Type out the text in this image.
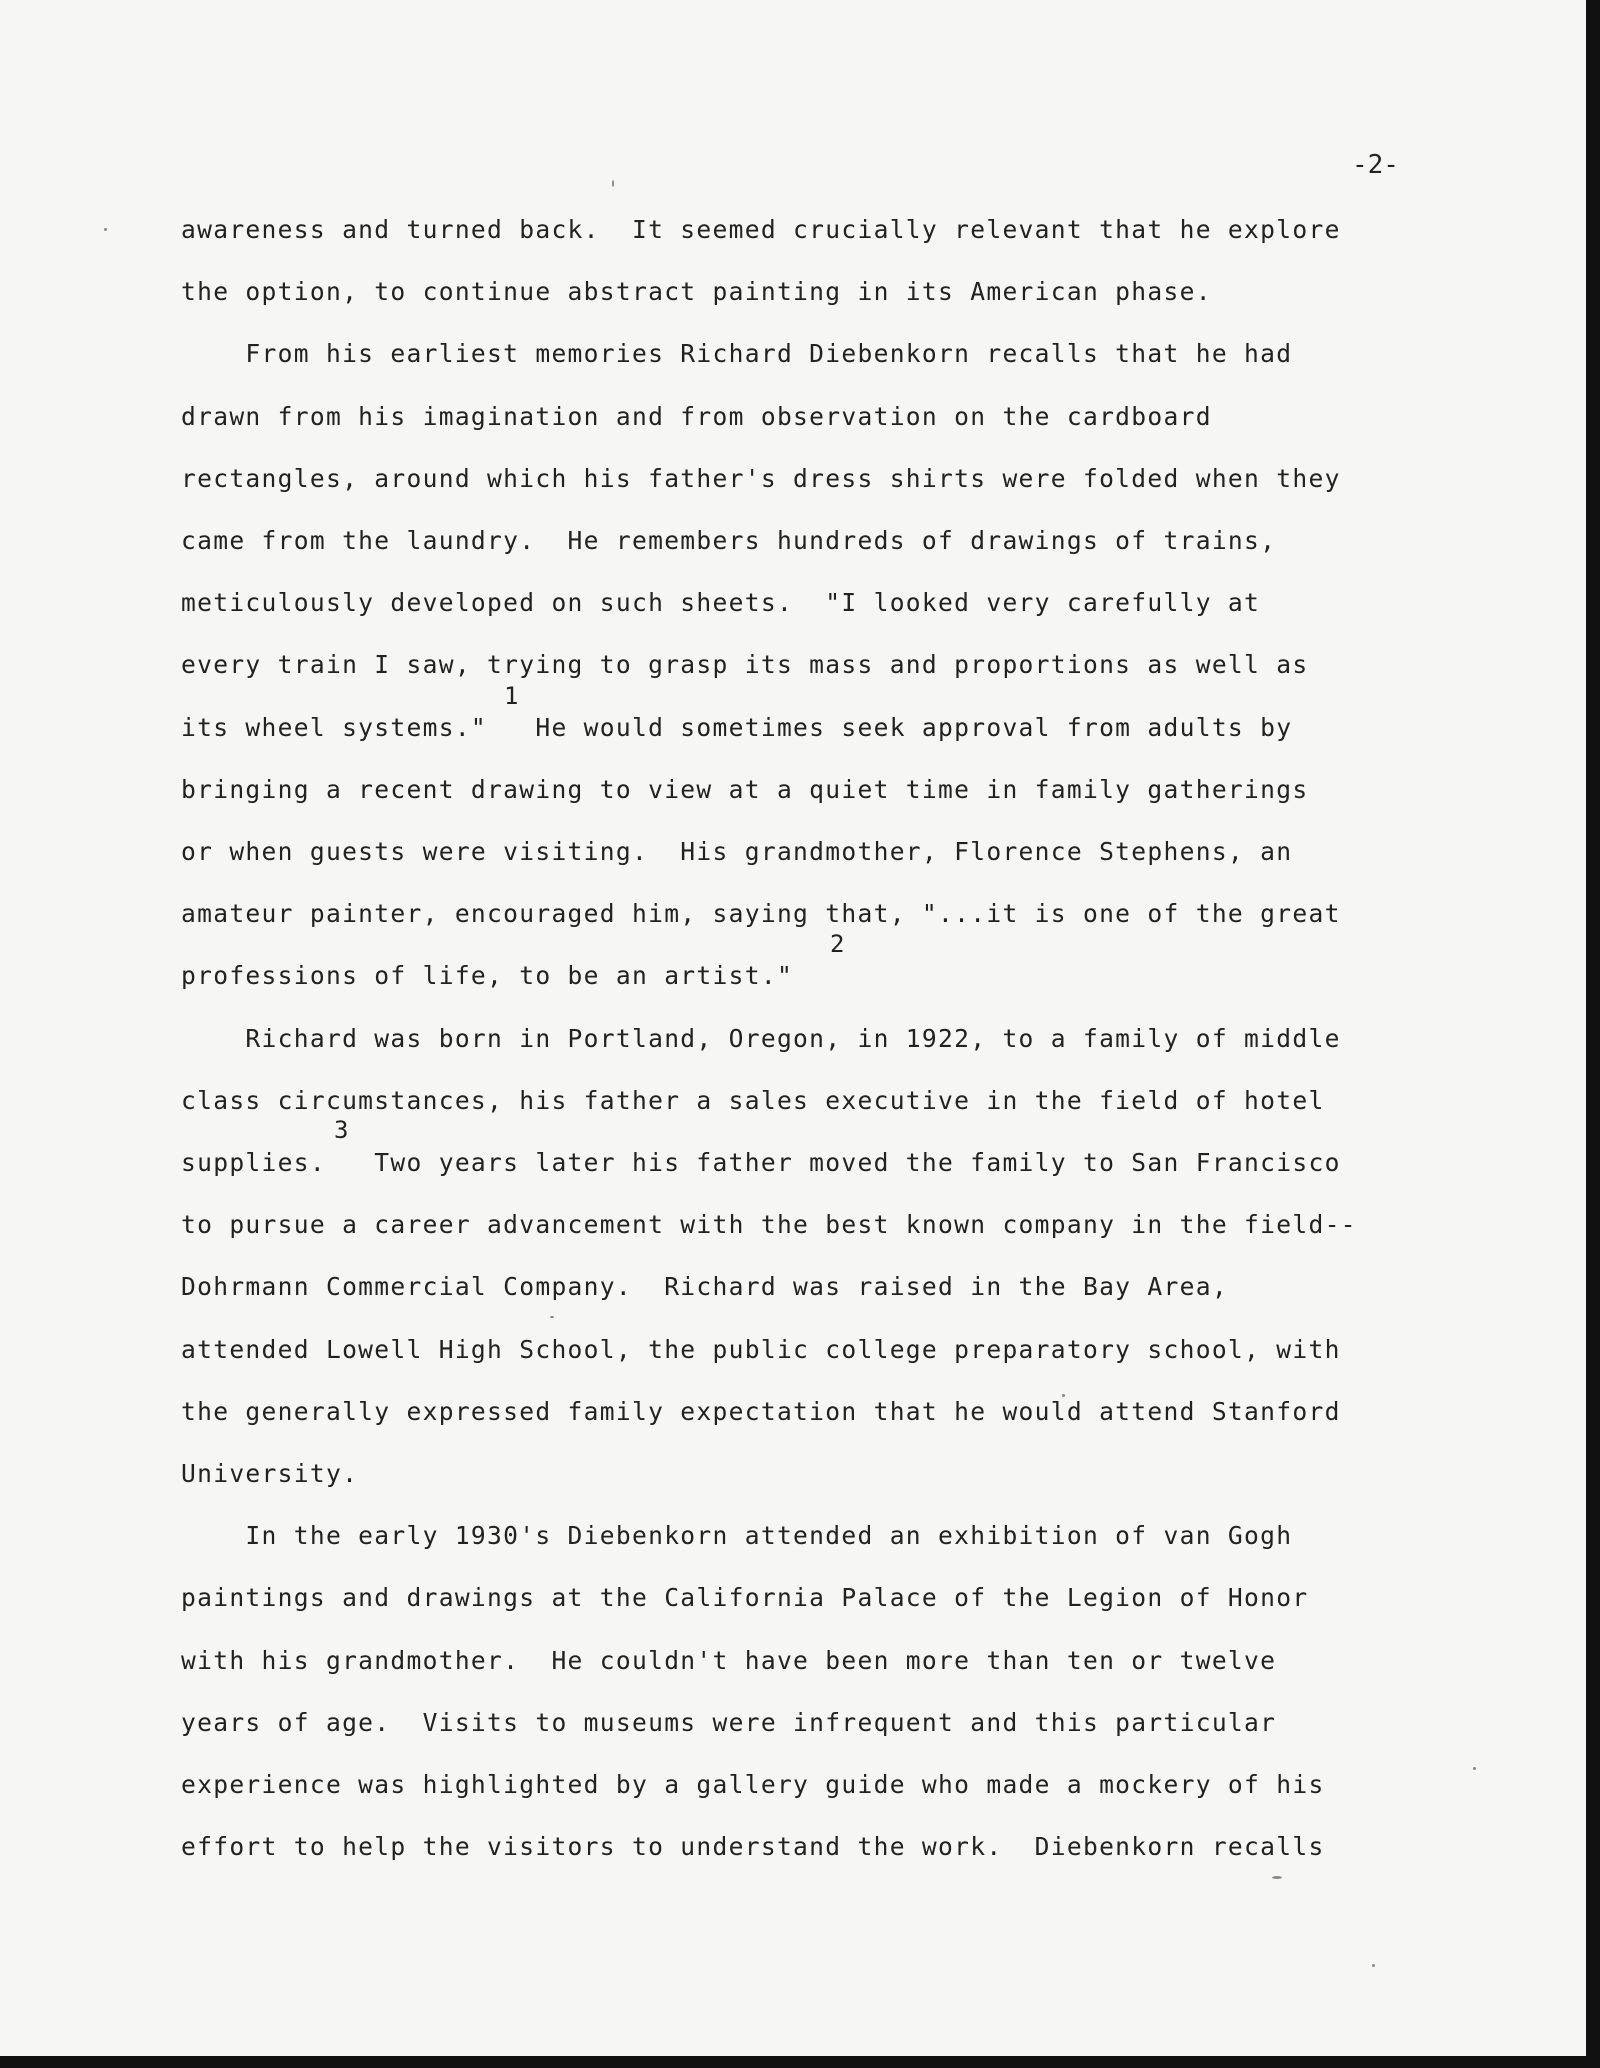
-2-
awareness and turned back.  It seemed crucially relevant that he explore
the option, to continue abstract painting in its American phase.
From his earliest memories Richard Diebenkorn recalls that he had
drawn from his imagination and from observation on the cardboard
rectangles, around which his father's dress shirts were folded when they
came from the laundry.  He remembers hundreds of drawings of trains,
meticulously developed on such sheets.  "I looked very carefully at
every train I saw, trying to grasp its mass and proportions as well as
its wheel systems."   He would sometimes seek approval from adults by
bringing a recent drawing to view at a quiet time in family gatherings
or when guests were visiting.  His grandmother, Florence Stephens, an
amateur painter, encouraged him, saying that, "...it is one of the great
professions of life, to be an artist."
Richard was born in Portland, Oregon, in 1922, to a family of middle
class circumstances, his father a sales executive in the field of hotel
supplies.   Two years later his father moved the family to San Francisco
to pursue a career advancement with the best known company in the field--
Dohrmann Commercial Company.  Richard was raised in the Bay Area,
attended Lowell High School, the public college preparatory school, with
the generally expressed family expectation that he would attend Stanford
University.
In the early 1930's Diebenkorn attended an exhibition of van Gogh
paintings and drawings at the California Palace of the Legion of Honor
with his grandmother.  He couldn't have been more than ten or twelve
years of age.  Visits to museums were infrequent and this particular
experience was highlighted by a gallery guide who made a mockery of his
effort to help the visitors to understand the work.  Diebenkorn recalls
1
2
3
